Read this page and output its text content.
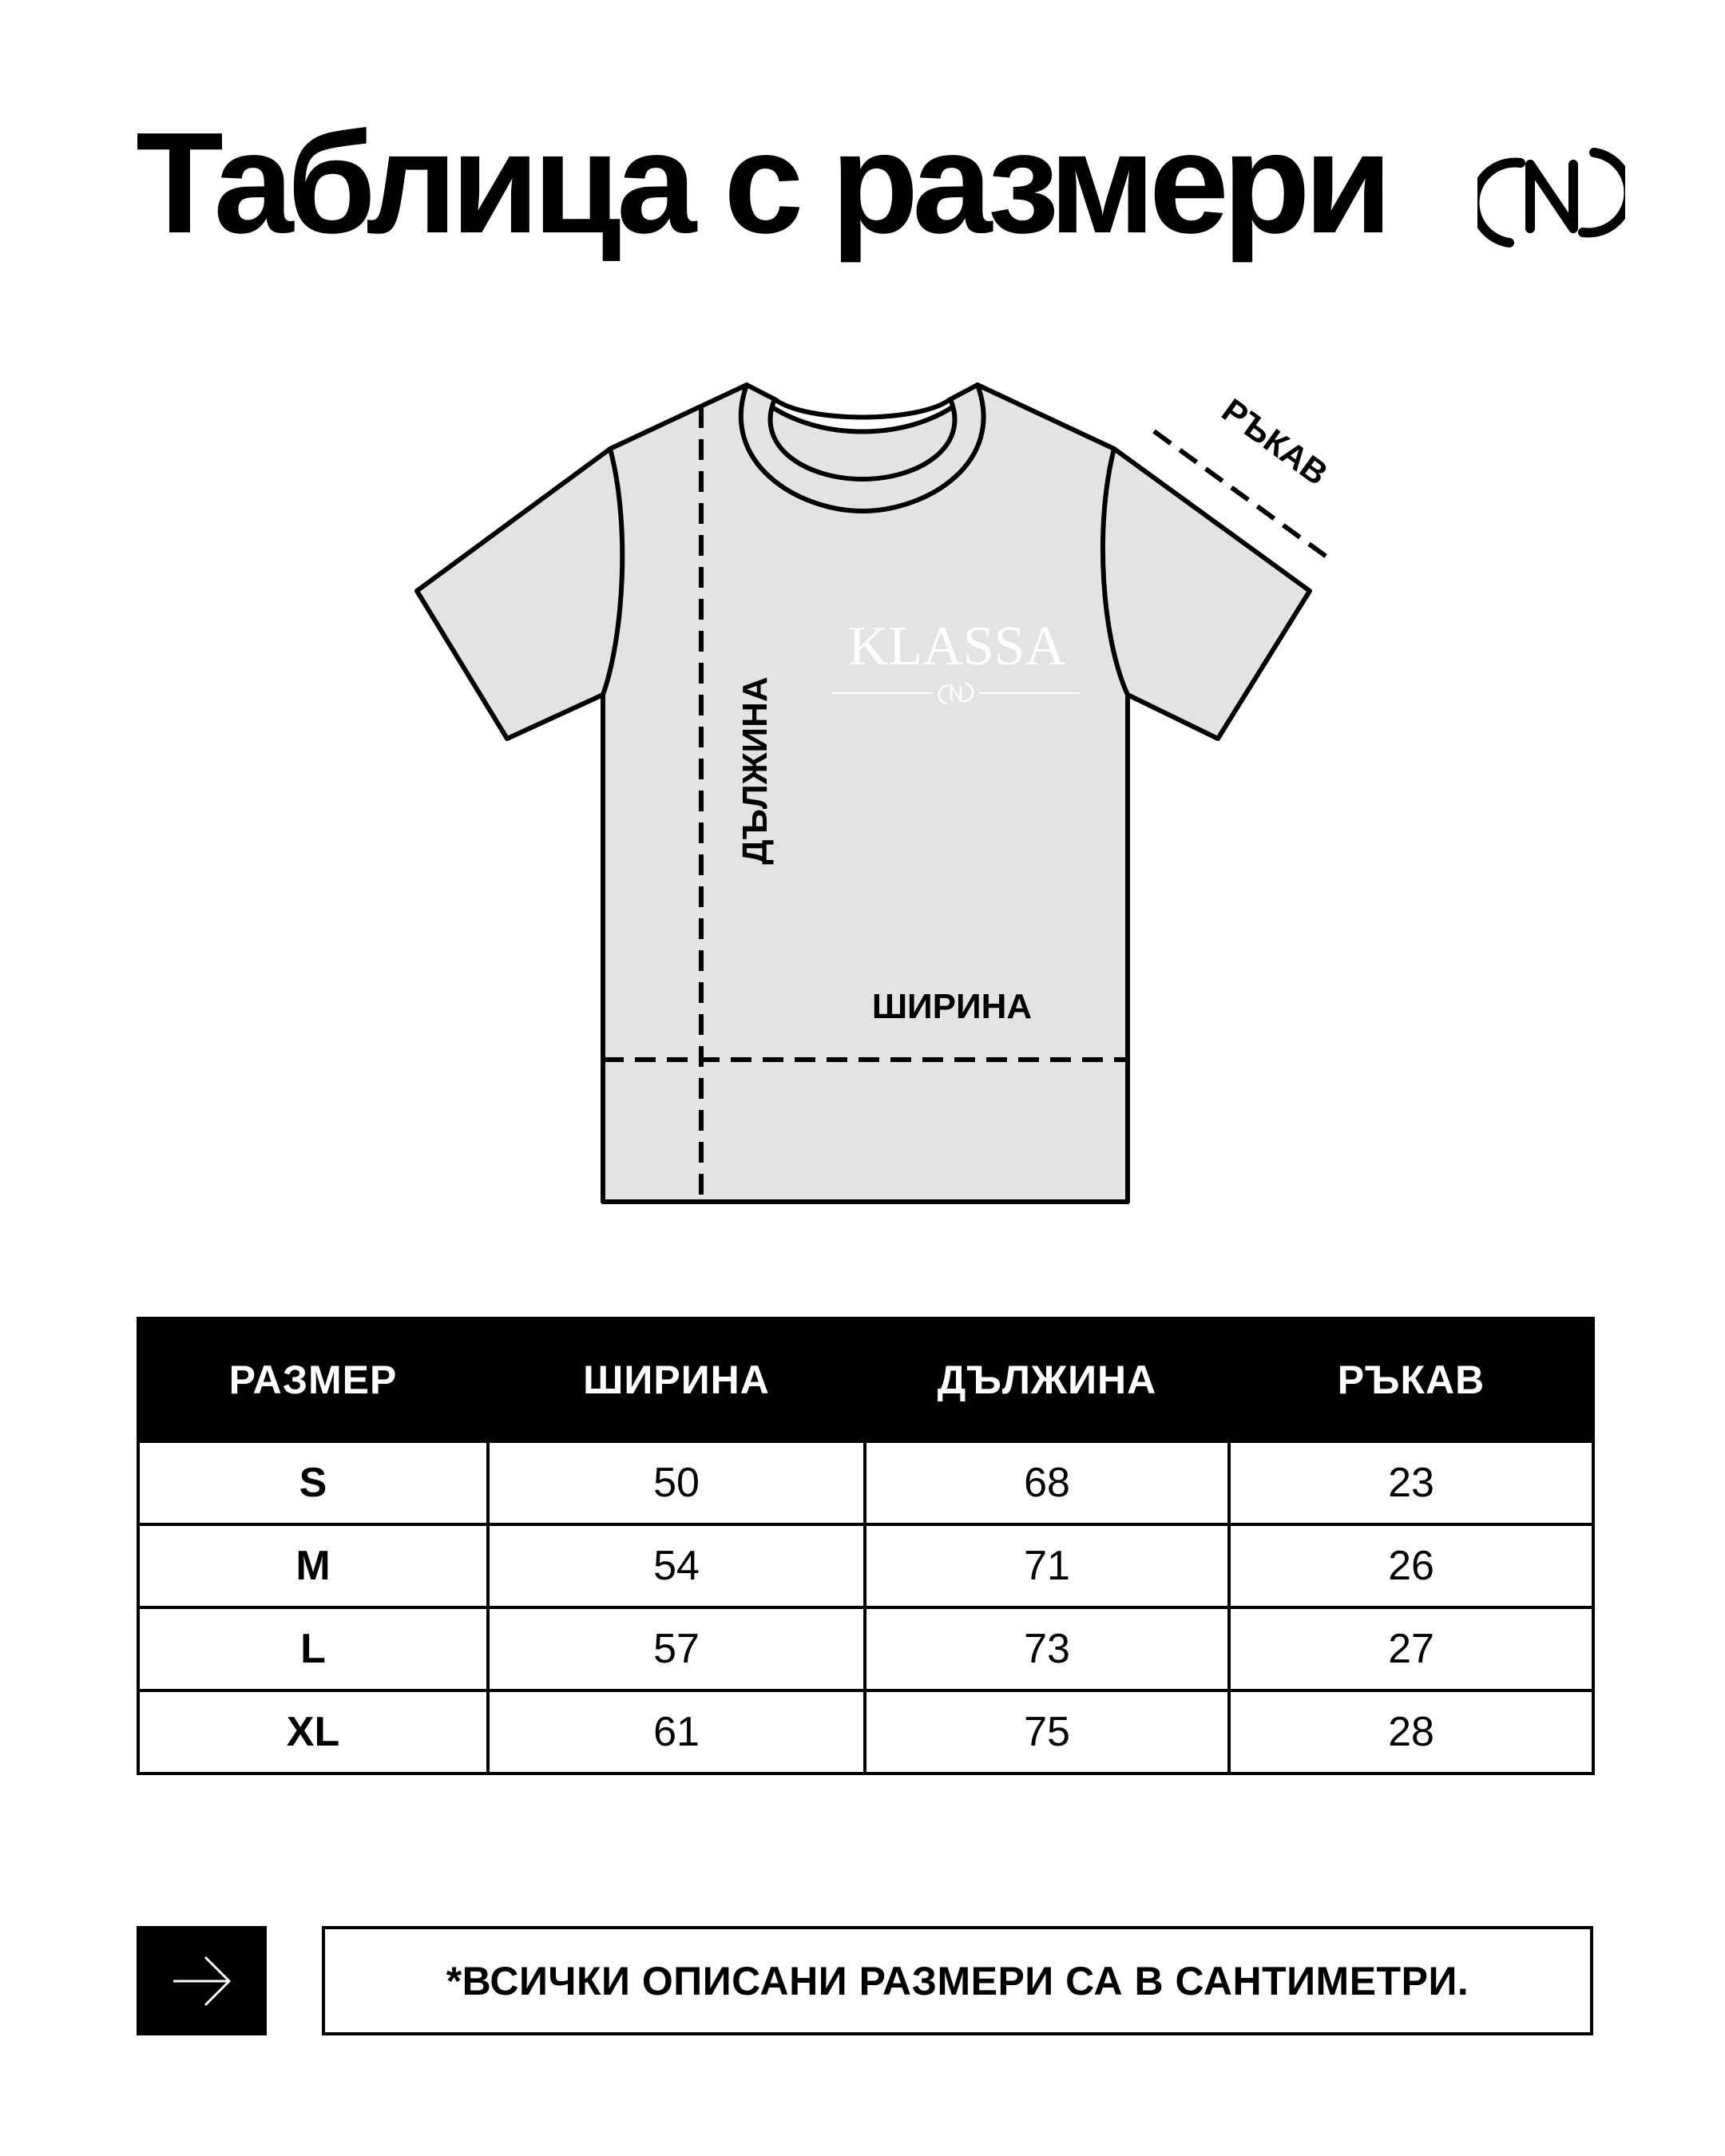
Таблица с размери
KLASSA
ДЪЛЖИНА
ШИРИНА
РЪКАВ
РАЗМЕР	ШИРИНА	ДЪЛЖИНА	РЪКАВ
S	50	68	23
M	54	71	26
L	57	73	27
XL	61	75	28
*ВСИЧКИ ОПИСАНИ РАЗМЕРИ СА В САНТИМЕТРИ.
